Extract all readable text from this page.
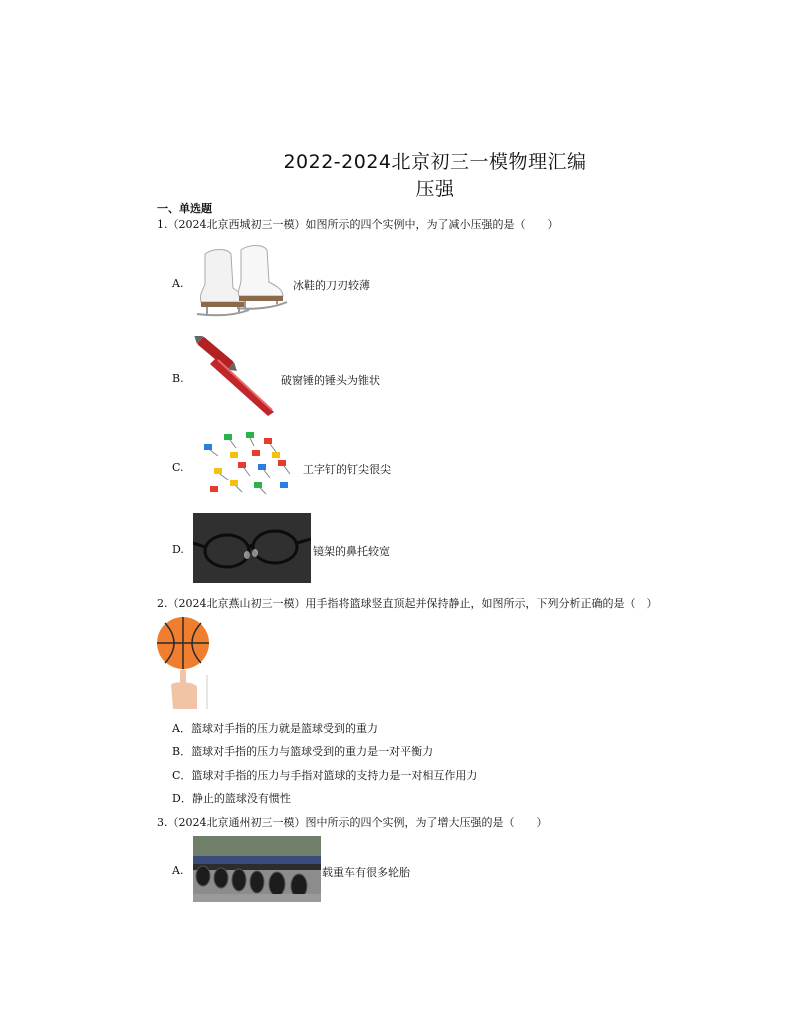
2022-2024北京初三一模物理汇编
压强
一、单选题
1.（2024北京西城初三一模）如图所示的四个实例中，为了减小压强的是（　　）
A.	冰鞋的刀刃较薄
B.	破窗锤的锤头为锥状
C.	工字钉的钉尖很尖
D.	镜架的鼻托较宽
2.（2024北京燕山初三一模）用手指将篮球竖直顶起并保持静止，如图所示，下列分析正确的是（　）
A．篮球对手指的压力就是篮球受到的重力
B．篮球对手指的压力与篮球受到的重力是一对平衡力
C．篮球对手指的压力与手指对篮球的支持力是一对相互作用力
D．静止的篮球没有惯性
3.（2024北京通州初三一模）图中所示的四个实例，为了增大压强的是（　　）
A.	载重车有很多轮胎
